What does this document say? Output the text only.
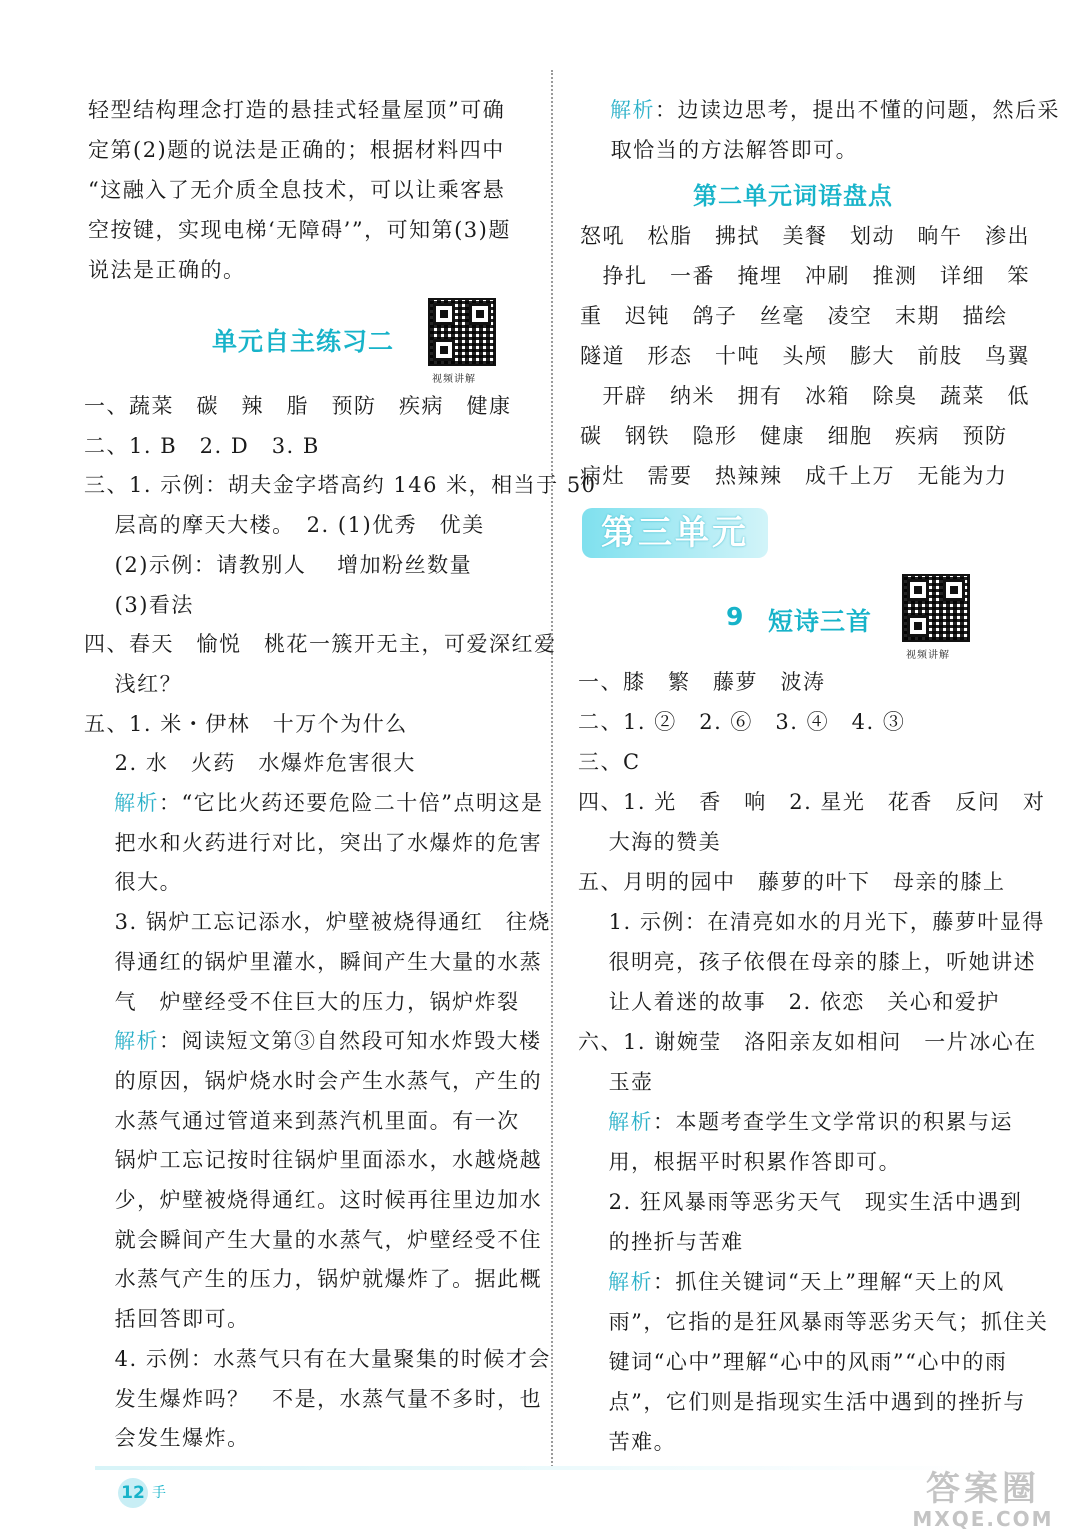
轻型结构理念打造的悬挂式轻量屋顶”可确
定第(2)题的说法是正确的；根据材料四中
“这融入了无介质全息技术，可以让乘客悬
空按键，实现电梯‘无障碍’”，可知第(3)题
说法是正确的。
单元自主练习二
视频讲解
一、蔬菜　碳　辣　脂　预防　疾病　健康
二、1. B　2. D　3. B
三、1. 示例：胡夫金字塔高约 146 米，相当于 50
　 层高的摩天大楼。　2. (1)优秀　优美
　 (2)示例：请教别人　 增加粉丝数量
　 (3)看法
四、春天　愉悦　桃花一簇开无主，可爱深红爱
　 浅红？
五、1. 米・伊林　十万个为什么
　 2. 水　火药　水爆炸危害很大
解析：“它比火药还要危险二十倍”点明这是
　 把水和火药进行对比，突出了水爆炸的危害
　 很大。
　 3. 锅炉工忘记添水，炉壁被烧得通红　往烧
　 得通红的锅炉里灌水，瞬间产生大量的水蒸
　 气　炉壁经受不住巨大的压力，锅炉炸裂
解析：阅读短文第③自然段可知水炸毁大楼
　 的原因，锅炉烧水时会产生水蒸气，产生的
　 水蒸气通过管道来到蒸汽机里面。有一次
　 锅炉工忘记按时往锅炉里面添水，水越烧越
　 少，炉壁被烧得通红。这时候再往里边加水
　 就会瞬间产生大量的水蒸气，炉壁经受不住
　 水蒸气产生的压力，锅炉就爆炸了。据此概
　 括回答即可。
　 4. 示例：水蒸气只有在大量聚集的时候才会
　 发生爆炸吗？　不是，水蒸气量不多时，也
　 会发生爆炸。
解析：边读边思考，提出不懂的问题，然后采
　 取恰当的方法解答即可。
第二单元词语盘点
怒吼　松脂　拂拭　美餐　划动　晌午　渗出
　挣扎　一番　掩埋　冲刷　推测　详细　笨
重　迟钝　鸽子　丝毫　凌空　末期　描绘
隧道　形态　十吨　头颅　膨大　前肢　鸟翼
　开辟　纳米　拥有　冰箱　除臭　蔬菜　低
碳　钢铁　隐形　健康　细胞　疾病　预防
病灶　需要　热辣辣　成千上万　无能为力
9 短诗三首
视频讲解
一、膝　繁　藤萝　波涛
二、1. ②　2. ⑥　3. ④　4. ③
三、C
四、1. 光　香　响　2. 星光　花香　反问　对
　 大海的赞美
五、月明的园中　藤萝的叶下　母亲的膝上
　 1. 示例：在清亮如水的月光下，藤萝叶显得
　 很明亮，孩子依偎在母亲的膝上，听她讲述
　 让人着迷的故事　2. 依恋　关心和爱护
六、1. 谢婉莹　洛阳亲友如相问　一片冰心在
　 玉壶
解析：本题考查学生文学常识的积累与运
　 用，根据平时积累作答即可。
　 2. 狂风暴雨等恶劣天气　现实生活中遇到
　 的挫折与苦难
解析：抓住关键词“天上”理解“天上的风
　 雨”，它指的是狂风暴雨等恶劣天气；抓住关
　 键词“心中”理解“心中的风雨”“心中的雨
　 点”，它们则是指现实生活中遇到的挫折与
　 苦难。
第三单元
12 手	答案圈
MXQE.COM
